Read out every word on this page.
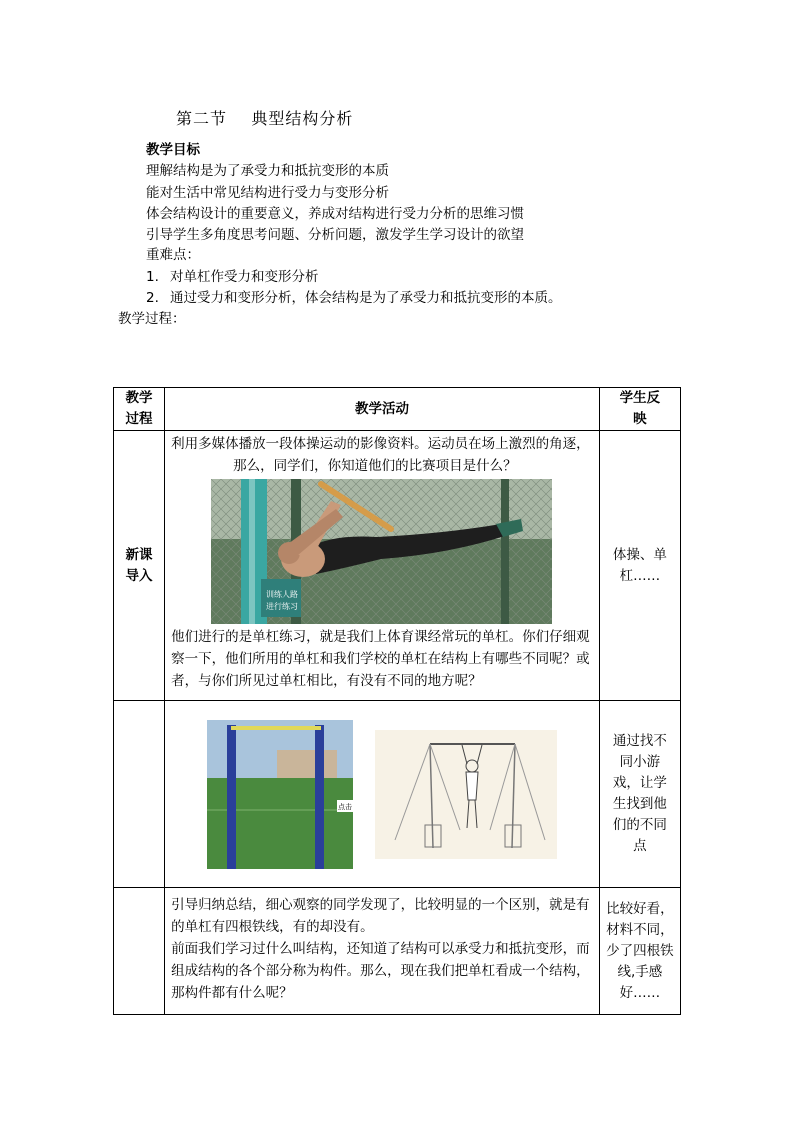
第二节    典型结构分析
教学目标
理解结构是为了承受力和抵抗变形的本质
能对生活中常见结构进行受力与变形分析
体会结构设计的重要意义，养成对结构进行受力分析的思维习惯
引导学生多角度思考问题、分析问题，激发学生学习设计的欲望
重难点：
1. 对单杠作受力和变形分析
2. 通过受力和变形分析，体会结构是为了承受力和抵抗变形的本质。
教学过程：
教学过程	教学活动	学生反映
新课导入	利用多媒体播放一段体操运动的影像资料。运动员在场上激烈的角逐，
那么，同学们，你知道他们的比赛项目是什么？
训练人路
进行练习
他们进行的是单杠练习，就是我们上体育课经常玩的单杠。你们仔细观察一下，他们所用的单杠和我们学校的单杠在结构上有哪些不同呢？或者，与你们所见过单杠相比，有没有不同的地方呢？	体操、单杠……

点击	通过找不同小游戏，让学生找到他们的不同点

	引导归纳总结，细心观察的同学发现了，比较明显的一个区别，就是有的单杠有四根铁线，有的却没有。
前面我们学习过什么叫结构，还知道了结构可以承受力和抵抗变形，而组成结构的各个部分称为构件。那么，现在我们把单杠看成一个结构，那构件都有什么呢？	比较好看，材料不同，少了四根铁线,手感好……
